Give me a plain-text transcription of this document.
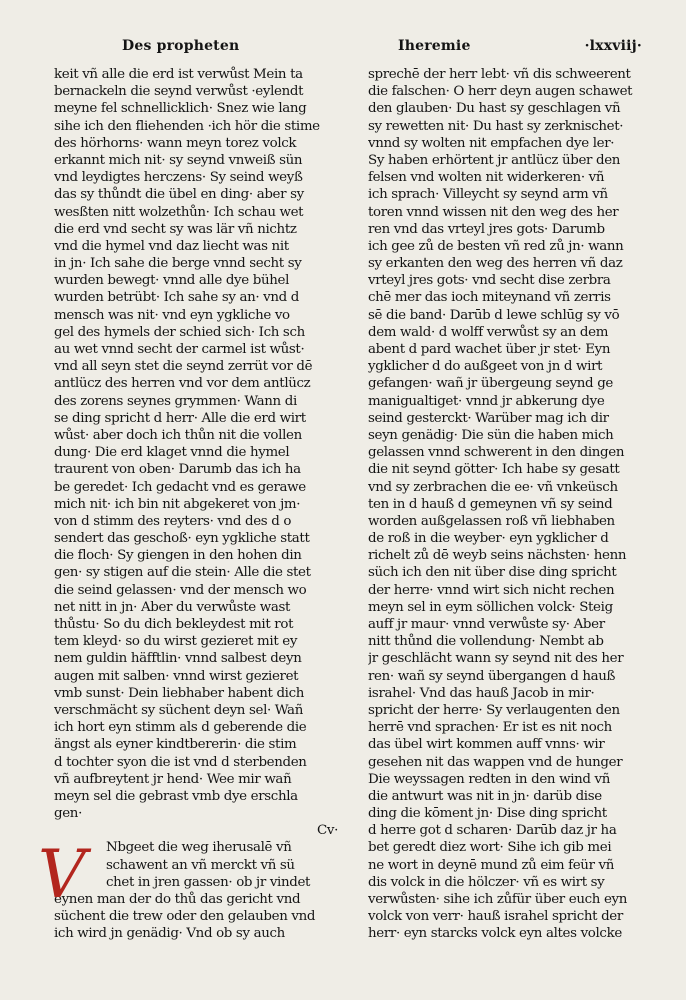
Des propheten	Iheremie	·lxxviij·
keit vñ alle die erd ist verwůst Mein ta
bernackeln die seynd verwůst ·eylendt
meyne fel schnellicklich· Snez wie lang
sihe ich den fliehenden ·ich hör die stime
des hörhorns· wann meyn torez volck
erkannt mich nit· sy seynd vnweiß sün
vnd leydigtes herczens· Sy seind weyß
das sy thůndt die übel en ding· aber sy
wesßten nitt wolzethůn· Ich schau wet
die erd vnd secht sy was lär vñ nichtz
vnd die hymel vnd daz liecht was nit
in jn· Ich sahe die berge vnnd secht sy
wurden bewegt· vnnd alle dye bühel
wurden betrübt· Ich sahe sy an· vnd d
mensch was nit· vnd eyn ygkliche vo
gel des hymels der schied sich· Ich sch
au wet vnnd secht der carmel ist wůst·
vnd all seyn stet die seynd zerrüt vor dē
antlücz des herren vnd vor dem antlücz
des zorens seynes grymmen· Wann di
se ding spricht d herr· Alle die erd wirt
wůst· aber doch ich thůn nit die vollen
dung· Die erd klaget vnnd die hymel
traurent von oben· Darumb das ich ha
be geredet· Ich gedacht vnd es gerawe
mich nit· ich bin nit abgekeret von jm·
von d stimm des reyters· vnd des d o
sendert das geschoß· eyn ygkliche statt
die floch· Sy giengen in den hohen din
gen· sy stigen auf die stein· Alle die stet
die seind gelassen· vnd der mensch wo
net nitt in jn· Aber du verwůste wast
thůstu· So du dich bekleydest mit rot
tem kleyd· so du wirst gezieret mit ey
nem guldin häfftlin· vnnd salbest deyn
augen mit salben· vnnd wirst gezieret
vmb sunst· Dein liebhaber habent dich
verschmächt sy süchent deyn sel· Wañ
ich hort eyn stimm als d geberende die
ängst als eyner kindtbererin· die stim
d tochter syon die ist vnd d sterbenden
vñ aufbreytent jr hend· Wee mir wañ
meyn sel die gebrast vmb dye erschla
gen·
Cv·
Nbgeet die weg iherusalē vñ
schawent an vñ merckt vñ sü
chet in jren gassen· ob jr vindet
eynen man der do thů das gericht vnd
süchent die trew oder den gelauben vnd
ich wird jn genädig· Vnd ob sy auch
sprechē der herr lebt· vñ dis schweerent
die falschen· O herr deyn augen schawet
den glauben· Du hast sy geschlagen vñ
sy rewetten nit· Du hast sy zerknischet·
vnnd sy wolten nit empfachen dye ler·
Sy haben erhörtent jr antlücz über den
felsen vnd wolten nit widerkeren· vñ
ich sprach· Villeycht sy seynd arm vñ
toren vnnd wissen nit den weg des her
ren vnd das vrteyl jres gots· Darumb
ich gee zů de besten vñ red zů jn· wann
sy erkanten den weg des herren vñ daz
vrteyl jres gots· vnd secht dise zerbra
chē mer das ioch miteynand vñ zerris
sē die band· Darūb d lewe schlūg sy vō
dem wald· d wolff verwůst sy an dem
abent d pard wachet über jr stet· Eyn
ygklicher d do außgeet von jn d wirt
gefangen· wañ jr übergeung seynd ge
manigualtiget· vnnd jr abkerung dye
seind gesterckt· Warüber mag ich dir
seyn genädig· Die sün die haben mich
gelassen vnnd schwerent in den dingen
die nit seynd götter· Ich habe sy gesatt
vnd sy zerbrachen die ee· vñ vnkeüsch
ten in d hauß d gemeynen vñ sy seind
worden außgelassen roß vñ liebhaben
de roß in die weyber· eyn ygklicher d
richelt zů dē weyb seins nächsten· henn
süch ich den nit über dise ding spricht
der herre· vnnd wirt sich nicht rechen
meyn sel in eym söllichen volck· Steig
auff jr maur· vnnd verwůste sy· Aber
nitt thůnd die vollendung· Nembt ab
jr geschlächt wann sy seynd nit des her
ren· wañ sy seynd übergangen d hauß
israhel· Vnd das hauß Jacob in mir·
spricht der herre· Sy verlaugenten den
herrē vnd sprachen· Er ist es nit noch
das übel wirt kommen auff vnns· wir
gesehen nit das wappen vnd de hunger
Die weyssagen redten in den wind vñ
die antwurt was nit in jn· darüb dise
ding die kōment jn· Dise ding spricht
d herre got d scharen· Darūb daz jr ha
bet geredt diez wort· Sihe ich gib mei
ne wort in deynē mund zů eim feür vñ
dis volck in die hölczer· vñ es wirt sy
verwůsten· sihe ich zůfür über euch eyn
volck von verr· hauß israhel spricht der
herr· eyn starcks volck eyn altes volcke
V
